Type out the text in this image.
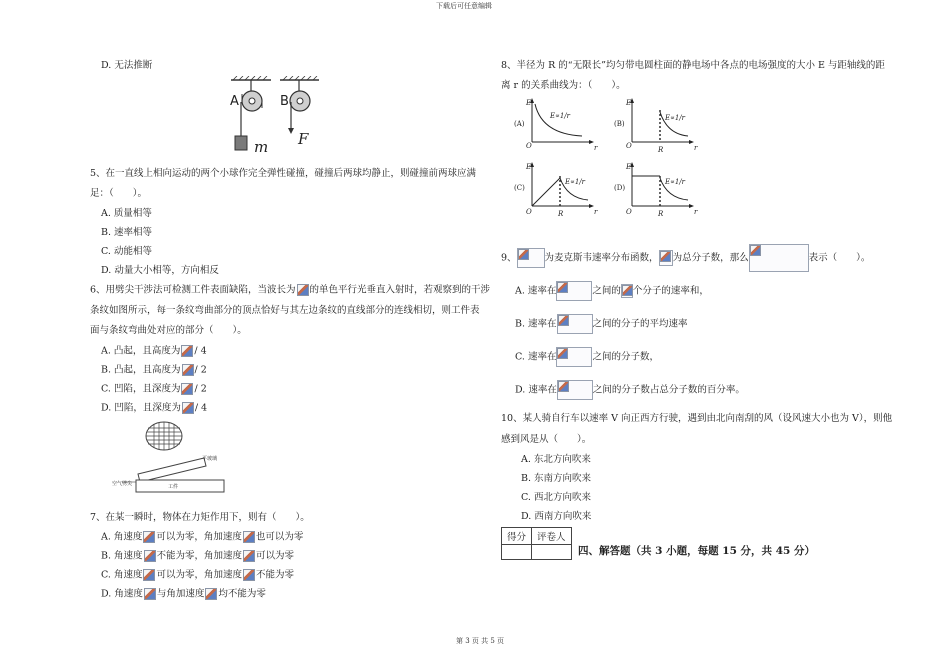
下载后可任意编辑
第 3 页 共 5 页
D. 无法推断
A	B
m F
5、在一直线上相向运动的两个小球作完全弹性碰撞，碰撞后两球均静止，则碰撞前两球应满
足：（　　）。
A. 质量相等
B. 速率相等
C. 动能相等
D. 动量大小相等，方向相反
6、用劈尖干涉法可检测工件表面缺陷，当波长为 的单色平行光垂直入射时，若观察到的干涉
条纹如图所示，每一条纹弯曲部分的顶点恰好与其左边条纹的直线部分的连线相切，则工件表
面与条纹弯曲处对应的部分（　　）。
A. 凸起，且高度为 / 4
B. 凸起，且高度为 / 2
C. 凹陷，且深度为 / 2
D. 凹陷，且深度为 / 4
平玻璃
空气劈尖	工件
7、在某一瞬时，物体在力矩作用下，则有（　　）。
A. 角速度 可以为零，角加速度 也可以为零
B. 角速度 不能为零，角加速度 可以为零
C. 角速度 可以为零，角加速度 不能为零
D. 角速度 与角加速度 均不能为零
8、半径为 R 的“无限长”均匀带电圆柱面的静电场中各点的电场强度的大小 E 与距轴线的距
离 r 的关系曲线为：（　　）。
E
O	r
(A)
E∝1/r
E
O	r
(B)
E∝1/r
R
E
O	r
(C)
E∝1/r
R
E
O	r
(D)
E∝1/r
R
9、	为麦克斯韦速率分布函数， 为总分子数，那么	表示（　　）。
A. 速率在	之间的 个分子的速率和，
B. 速率在	之间的分子的平均速率
C. 速率在	之间的分子数，
D. 速率在	之间的分子数占总分子数的百分率。
10、某人骑自行车以速率 V 向正西方行驶，遇到由北向南刮的风（设风速大小也为 V），则他
感到风是从（　　）。
A. 东北方向吹来
B. 东南方向吹来
C. 西北方向吹来
D. 西南方向吹来
得分	评卷人

四、解答题（共 3 小题，每题 15 分，共 45 分）
